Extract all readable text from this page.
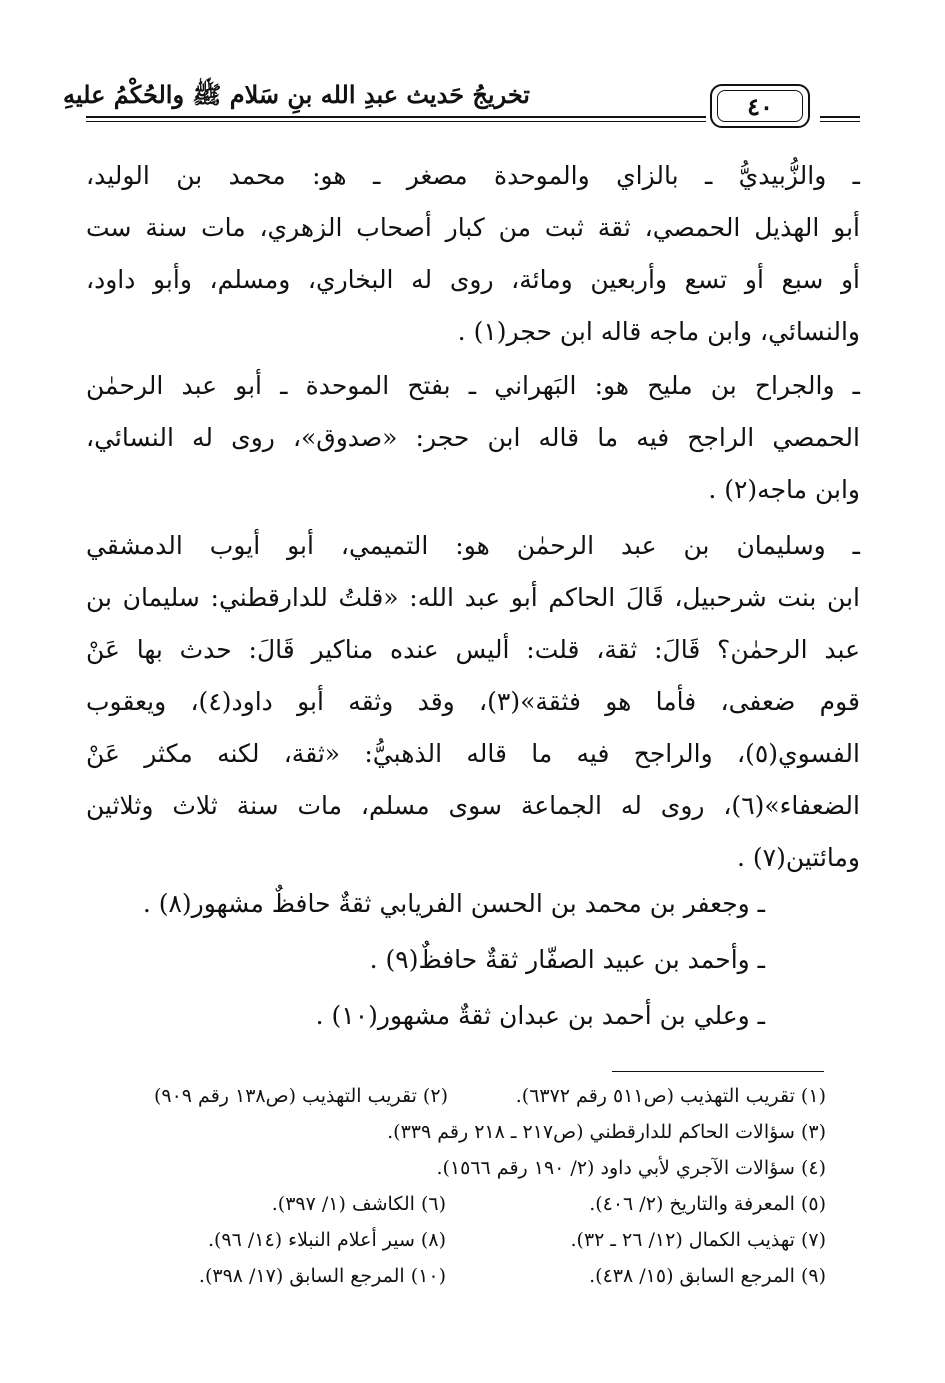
تخريجُ حَديث عبدِ الله بنِ سَلام ﷺ والحُكْمُ عليهِ	٤٠
ـ والزُّبيديُّ ـ بالزاي والموحدة مصغر ـ هو: محمد بن الوليد،
أبو الهذيل الحمصي، ثقة ثبت من كبار أصحاب الزهري، مات سنة ست
أو سبع أو تسع وأربعين ومائة، روى له البخاري، ومسلم، وأبو داود،
والنسائي، وابن ماجه قاله ابن حجر(١) .
ـ والجراح بن مليح هو: البَهراني ـ بفتح الموحدة ـ أبو عبد الرحمٰن
الحمصي الراجح فيه ما قاله ابن حجر: «صدوق»، روى له النسائي،
وابن ماجه(٢) .
ـ وسليمان بن عبد الرحمٰن هو: التميمي، أبو أيوب الدمشقي
ابن بنت شرحبيل، قَالَ الحاكم أبو عبد الله: «قلتُ للدارقطني: سليمان بن
عبد الرحمٰن؟ قَالَ: ثقة، قلت: أليس عنده مناكير قَالَ: حدث بها عَنْ
قوم ضعفى، فأما هو فثقة»(٣)، وقد وثقه أبو داود(٤)، ويعقوب
الفسوي(٥)، والراجح فيه ما قاله الذهبيُّ: «ثقة، لكنه مكثر عَنْ
الضعفاء»(٦)، روى له الجماعة سوى مسلم، مات سنة ثلاث وثلاثين
ومائتين(٧) .
ـ وجعفر بن محمد بن الحسن الفريابي ثقةٌ حافظٌ مشهور(٨) .
ـ وأحمد بن عبيد الصفّار ثقةٌ حافظٌ(٩) .
ـ وعلي بن أحمد بن عبدان ثقةٌ مشهور(١٠) .
(١) تقريب التهذيب (ص٥١١ رقم ٦٣٧٢).
(٢) تقريب التهذيب (ص١٣٨ رقم ٩٠٩)
(٣) سؤالات الحاكم للدارقطني (ص٢١٧ ـ ٢١٨ رقم ٣٣٩).
(٤) سؤالات الآجري لأبي داود (٢/ ١٩٠ رقم ١٥٦٦).
(٥) المعرفة والتاريخ (٢/ ٤٠٦).
(٦) الكاشف (١/ ٣٩٧).
(٧) تهذيب الكمال (١٢/ ٢٦ ـ ٣٢).
(٨) سير أعلام النبلاء (١٤/ ٩٦).
(٩) المرجع السابق (١٥/ ٤٣٨).
(١٠) المرجع السابق (١٧/ ٣٩٨).
